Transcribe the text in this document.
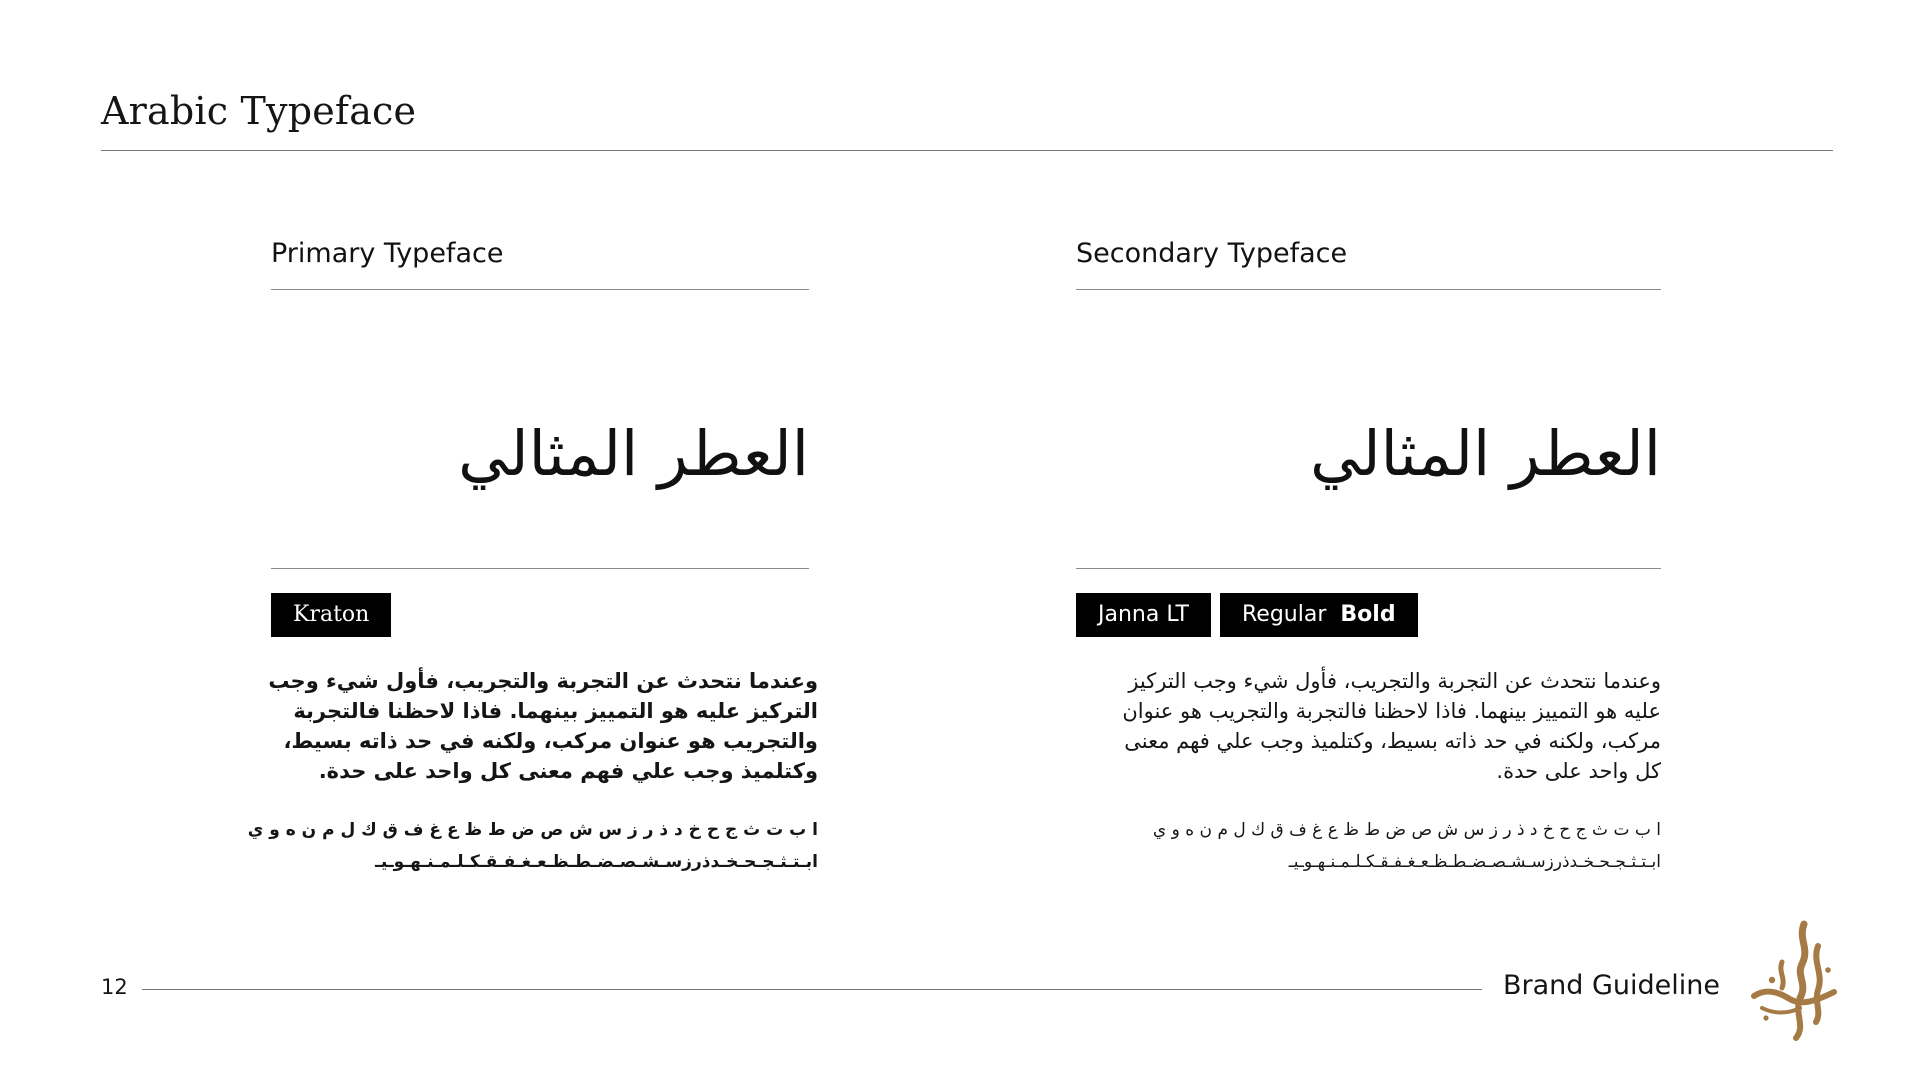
Arabic Typeface
Primary Typeface
العطر المثالي
Kraton
وعندما نتحدث عن التجربة والتجريب، فأول شيء وجب التركيز عليه هو التمييز بينهما. فاذا لاحظنا فالتجربة والتجريب هو عنوان مركب، ولكنه في حد ذاته بسيط، وكتلميذ وجب علي فهم معنى كل واحد على حدة.
ا ب ت ث ج ح خ د ذ ر ز س ش ص ض ط ظ ع غ ف ق ك ل م ن ه و ي
ابـتـثـجـحـخـدذرزسـشـصـضـطـظـعـغـفـقـكـلـمـنـهـوـيـ
Secondary Typeface
العطر المثالي
Janna LT	Regular Bold
وعندما نتحدث عن التجربة والتجريب، فأول شيء وجب التركيز عليه هو التمييز بينهما. فاذا لاحظنا فالتجربة والتجريب هو عنوان مركب، ولكنه في حد ذاته بسيط، وكتلميذ وجب علي فهم معنى كل واحد على حدة.
ا ب ت ث ج ح خ د ذ ر ز س ش ص ض ط ظ ع غ ف ق ك ل م ن ه و ي
ابـتـثـجـحـخـدذرزسـشـصـضـطـظـعـغـفـقـكـلـمـنـهـوـيـ
12	Brand Guideline
